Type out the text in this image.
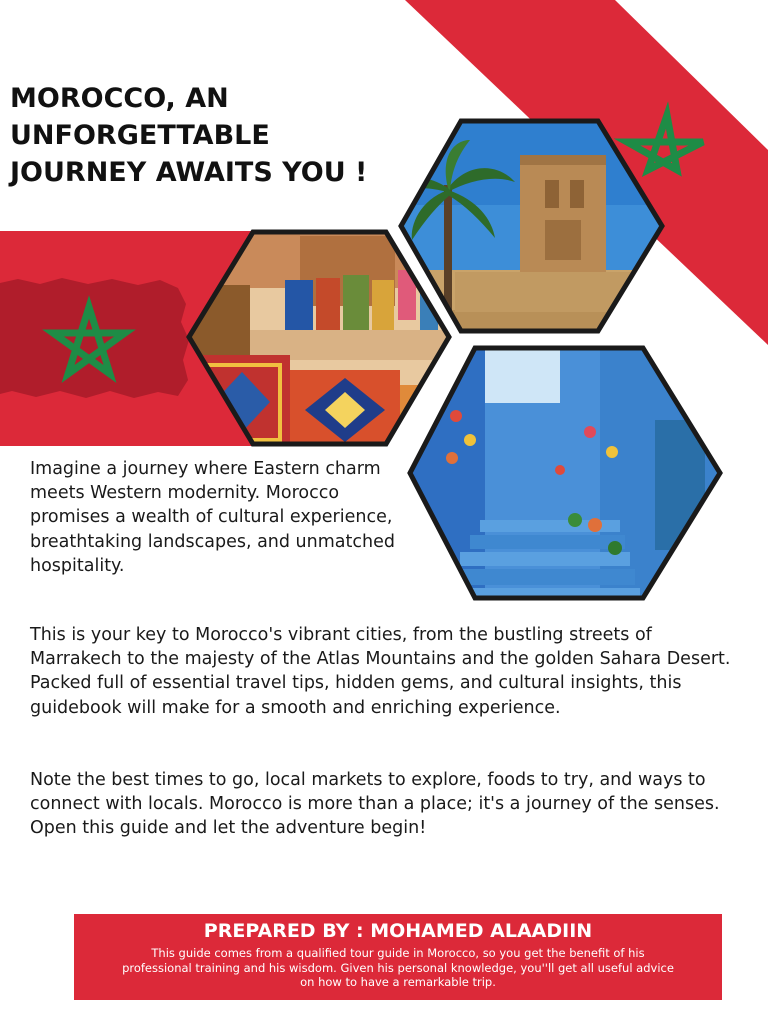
MOROCCO, AN
UNFORGETTABLE
JOURNEY AWAITS YOU !

Imagine a journey where Eastern charm meets Western modernity. Morocco promises a wealth of cultural experience, breathtaking landscapes, and unmatched hospitality.

This is your key to Morocco's vibrant cities, from the bustling streets of Marrakech to the majesty of the Atlas Mountains and the golden Sahara Desert. Packed full of essential travel tips, hidden gems, and cultural insights, this guidebook will make for a smooth and enriching experience.

Note the best times to go, local markets to explore, foods to try, and ways to connect with locals. Morocco is more than a place; it's a journey of the senses. Open this guide and let the adventure begin!

PREPARED BY : MOHAMED ALAADIIN
This guide comes from a qualified tour guide in Morocco, so you get the benefit of his professional training and his wisdom. Given his personal knowledge, you''ll get all useful advice on how to have a remarkable trip.
